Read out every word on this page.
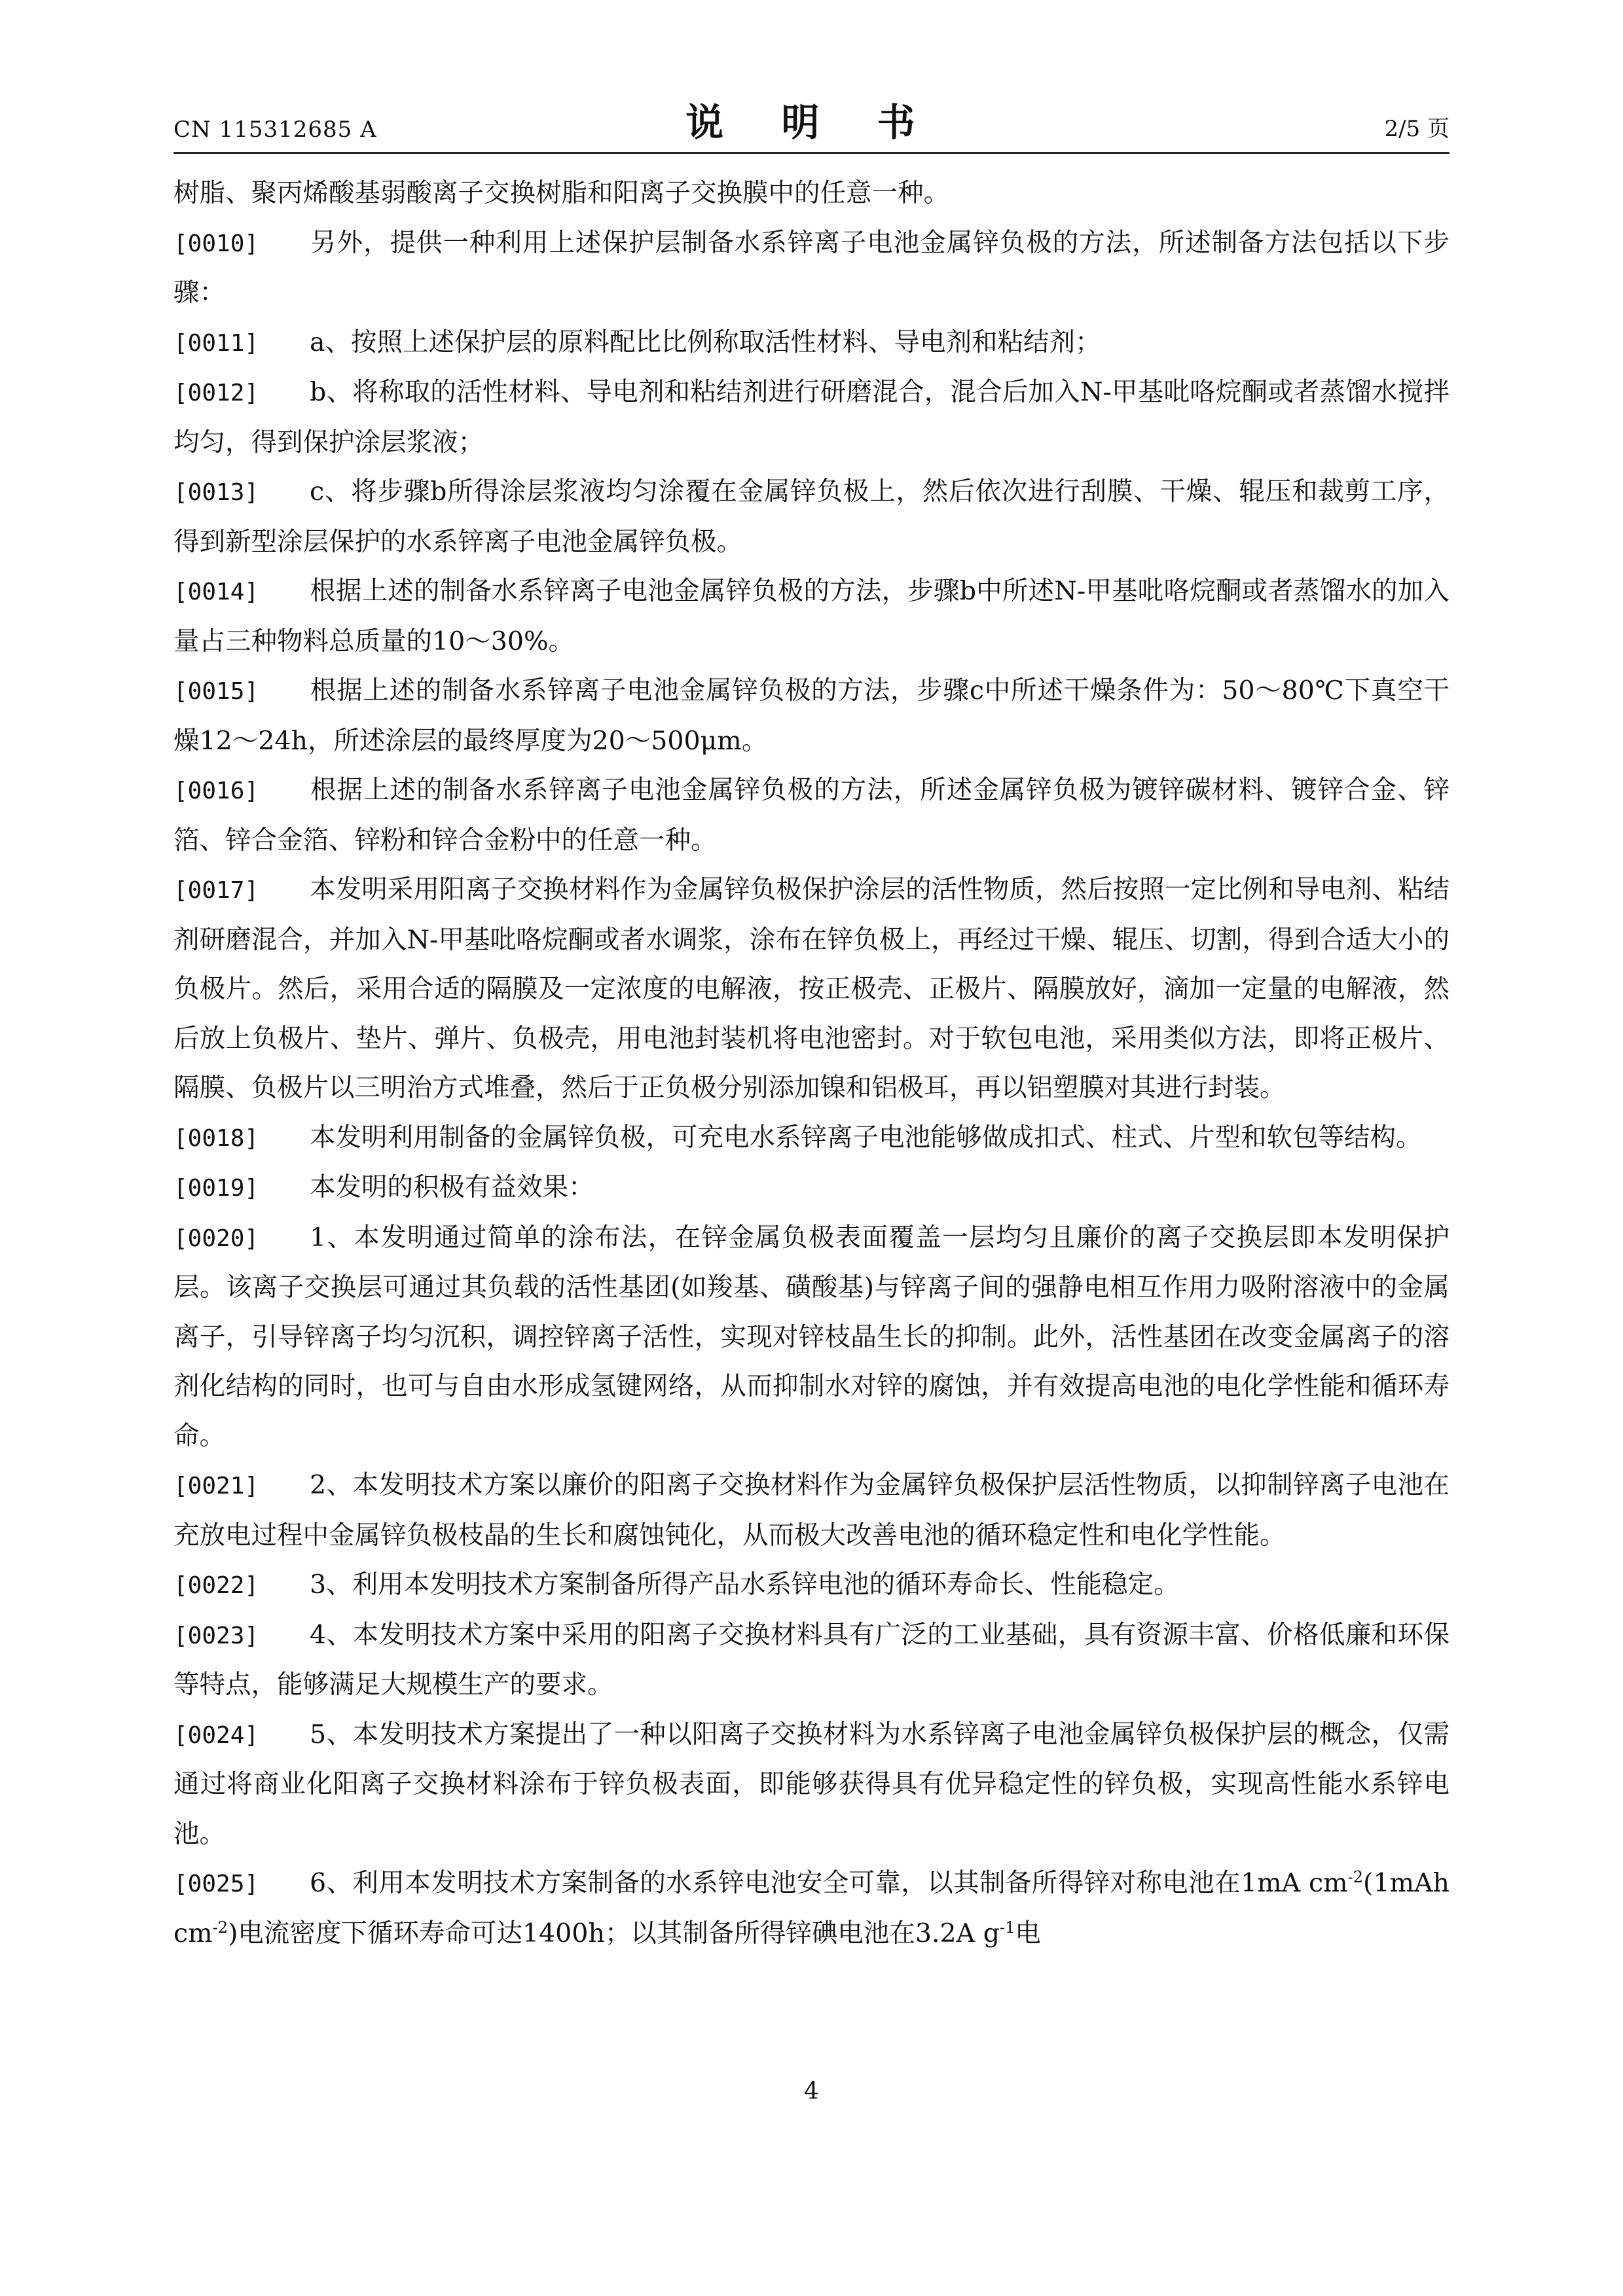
CN 115312685 A	说 明 书	2/5 页

树脂、聚丙烯酸基弱酸离子交换树脂和阳离子交换膜中的任意一种。

[0010] 另外，提供一种利用上述保护层制备水系锌离子电池金属锌负极的方法，所述制备方法包括以下步骤：

[0011] a、按照上述保护层的原料配比比例称取活性材料、导电剂和粘结剂；

[0012] b、将称取的活性材料、导电剂和粘结剂进行研磨混合，混合后加入N-甲基吡咯烷酮或者蒸馏水搅拌均匀，得到保护涂层浆液；

[0013] c、将步骤b所得涂层浆液均匀涂覆在金属锌负极上，然后依次进行刮膜、干燥、辊压和裁剪工序，得到新型涂层保护的水系锌离子电池金属锌负极。

[0014] 根据上述的制备水系锌离子电池金属锌负极的方法，步骤b中所述N-甲基吡咯烷酮或者蒸馏水的加入量占三种物料总质量的10～30%。

[0015] 根据上述的制备水系锌离子电池金属锌负极的方法，步骤c中所述干燥条件为：50～80℃下真空干燥12～24h，所述涂层的最终厚度为20～500μm。

[0016] 根据上述的制备水系锌离子电池金属锌负极的方法，所述金属锌负极为镀锌碳材料、镀锌合金、锌箔、锌合金箔、锌粉和锌合金粉中的任意一种。

[0017] 本发明采用阳离子交换材料作为金属锌负极保护涂层的活性物质，然后按照一定比例和导电剂、粘结剂研磨混合，并加入N-甲基吡咯烷酮或者水调浆，涂布在锌负极上，再经过干燥、辊压、切割，得到合适大小的负极片。然后，采用合适的隔膜及一定浓度的电解液，按正极壳、正极片、隔膜放好，滴加一定量的电解液，然后放上负极片、垫片、弹片、负极壳，用电池封装机将电池密封。对于软包电池，采用类似方法，即将正极片、隔膜、负极片以三明治方式堆叠，然后于正负极分别添加镍和铝极耳，再以铝塑膜对其进行封装。

[0018] 本发明利用制备的金属锌负极，可充电水系锌离子电池能够做成扣式、柱式、片型和软包等结构。

[0019] 本发明的积极有益效果：

[0020] 1、本发明通过简单的涂布法，在锌金属负极表面覆盖一层均匀且廉价的离子交换层即本发明保护层。该离子交换层可通过其负载的活性基团(如羧基、磺酸基)与锌离子间的强静电相互作用力吸附溶液中的金属离子，引导锌离子均匀沉积，调控锌离子活性，实现对锌枝晶生长的抑制。此外，活性基团在改变金属离子的溶剂化结构的同时，也可与自由水形成氢键网络，从而抑制水对锌的腐蚀，并有效提高电池的电化学性能和循环寿命。

[0021] 2、本发明技术方案以廉价的阳离子交换材料作为金属锌负极保护层活性物质，以抑制锌离子电池在充放电过程中金属锌负极枝晶的生长和腐蚀钝化，从而极大改善电池的循环稳定性和电化学性能。

[0022] 3、利用本发明技术方案制备所得产品水系锌电池的循环寿命长、性能稳定。

[0023] 4、本发明技术方案中采用的阳离子交换材料具有广泛的工业基础，具有资源丰富、价格低廉和环保等特点，能够满足大规模生产的要求。

[0024] 5、本发明技术方案提出了一种以阳离子交换材料为水系锌离子电池金属锌负极保护层的概念，仅需通过将商业化阳离子交换材料涂布于锌负极表面，即能够获得具有优异稳定性的锌负极，实现高性能水系锌电池。

[0025] 6、利用本发明技术方案制备的水系锌电池安全可靠，以其制备所得锌对称电池在1mA $cm^{-2}(1mAh$ $cm^{-2}$)电流密度下循环寿命可达1400h；以其制备所得锌碘电池在3.2A $g^{-1}$电

4
